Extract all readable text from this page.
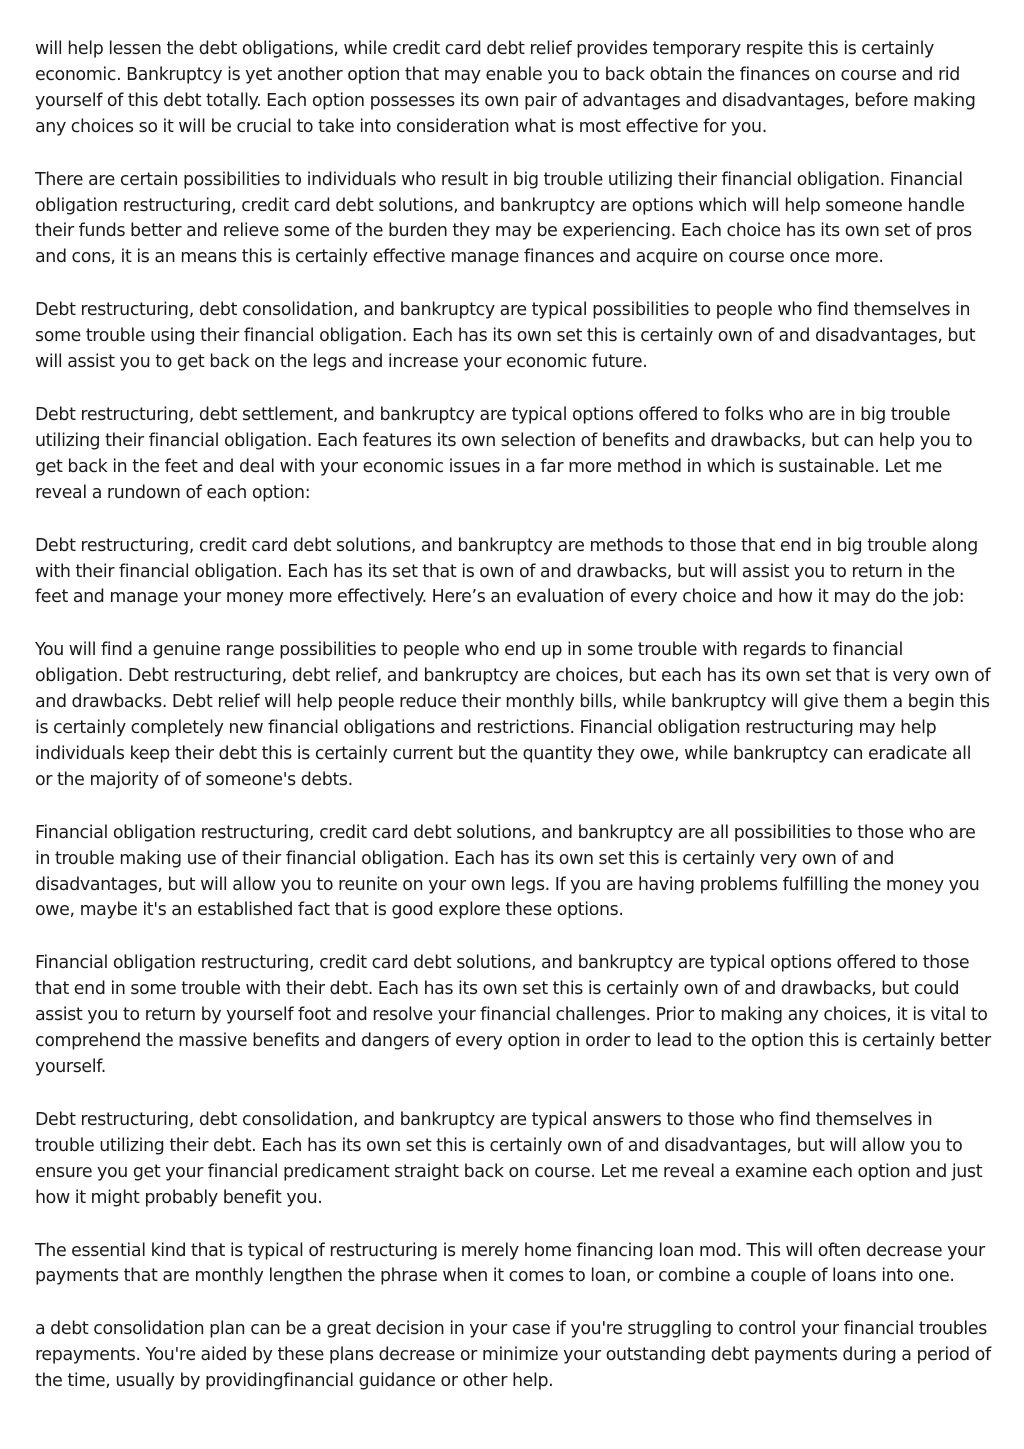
will help lessen the debt obligations, while credit card debt relief provides temporary respite this is certainly economic. Bankruptcy is yet another option that may enable you to back obtain the finances on course and rid yourself of this debt totally. Each option possesses its own pair of advantages and disadvantages, before making any choices so it will be crucial to take into consideration what is most effective for you.

There are certain possibilities to individuals who result in big trouble utilizing their financial obligation. Financial obligation restructuring, credit card debt solutions, and bankruptcy are options which will help someone handle their funds better and relieve some of the burden they may be experiencing. Each choice has its own set of pros and cons, it is an means this is certainly effective manage finances and acquire on course once more.

Debt restructuring, debt consolidation, and bankruptcy are typical possibilities to people who find themselves in some trouble using their financial obligation. Each has its own set this is certainly own of and disadvantages, but will assist you to get back on the legs and increase your economic future.

Debt restructuring, debt settlement, and bankruptcy are typical options offered to folks who are in big trouble utilizing their financial obligation. Each features its own selection of benefits and drawbacks, but can help you to get back in the feet and deal with your economic issues in a far more method in which is sustainable. Let me reveal a rundown of each option:

Debt restructuring, credit card debt solutions, and bankruptcy are methods to those that end in big trouble along with their financial obligation. Each has its set that is own of and drawbacks, but will assist you to return in the feet and manage your money more effectively. Here’s an evaluation of every choice and how it may do the job:

You will find a genuine range possibilities to people who end up in some trouble with regards to financial obligation. Debt restructuring, debt relief, and bankruptcy are choices, but each has its own set that is very own of and drawbacks. Debt relief will help people reduce their monthly bills, while bankruptcy will give them a begin this is certainly completely new financial obligations and restrictions. Financial obligation restructuring may help individuals keep their debt this is certainly current but the quantity they owe, while bankruptcy can eradicate all or the majority of of someone's debts.

Financial obligation restructuring, credit card debt solutions, and bankruptcy are all possibilities to those who are in trouble making use of their financial obligation. Each has its own set this is certainly very own of and disadvantages, but will allow you to reunite on your own legs. If you are having problems fulfilling the money you owe, maybe it's an established fact that is good explore these options.

Financial obligation restructuring, credit card debt solutions, and bankruptcy are typical options offered to those that end in some trouble with their debt. Each has its own set this is certainly own of and drawbacks, but could assist you to return by yourself foot and resolve your financial challenges. Prior to making any choices, it is vital to comprehend the massive benefits and dangers of every option in order to lead to the option this is certainly better yourself.

Debt restructuring, debt consolidation, and bankruptcy are typical answers to those who find themselves in trouble utilizing their debt. Each has its own set this is certainly own of and disadvantages, but will allow you to ensure you get your financial predicament straight back on course. Let me reveal a examine each option and just how it might probably benefit you.

The essential kind that is typical of restructuring is merely home financing loan mod. This will often decrease your payments that are monthly lengthen the phrase when it comes to loan, or combine a couple of loans into one.

a debt consolidation plan can be a great decision in your case if you're struggling to control your financial troubles repayments. You're aided by these plans decrease or minimize your outstanding debt payments during a period of the time, usually by providingfinancial guidance or other help.
